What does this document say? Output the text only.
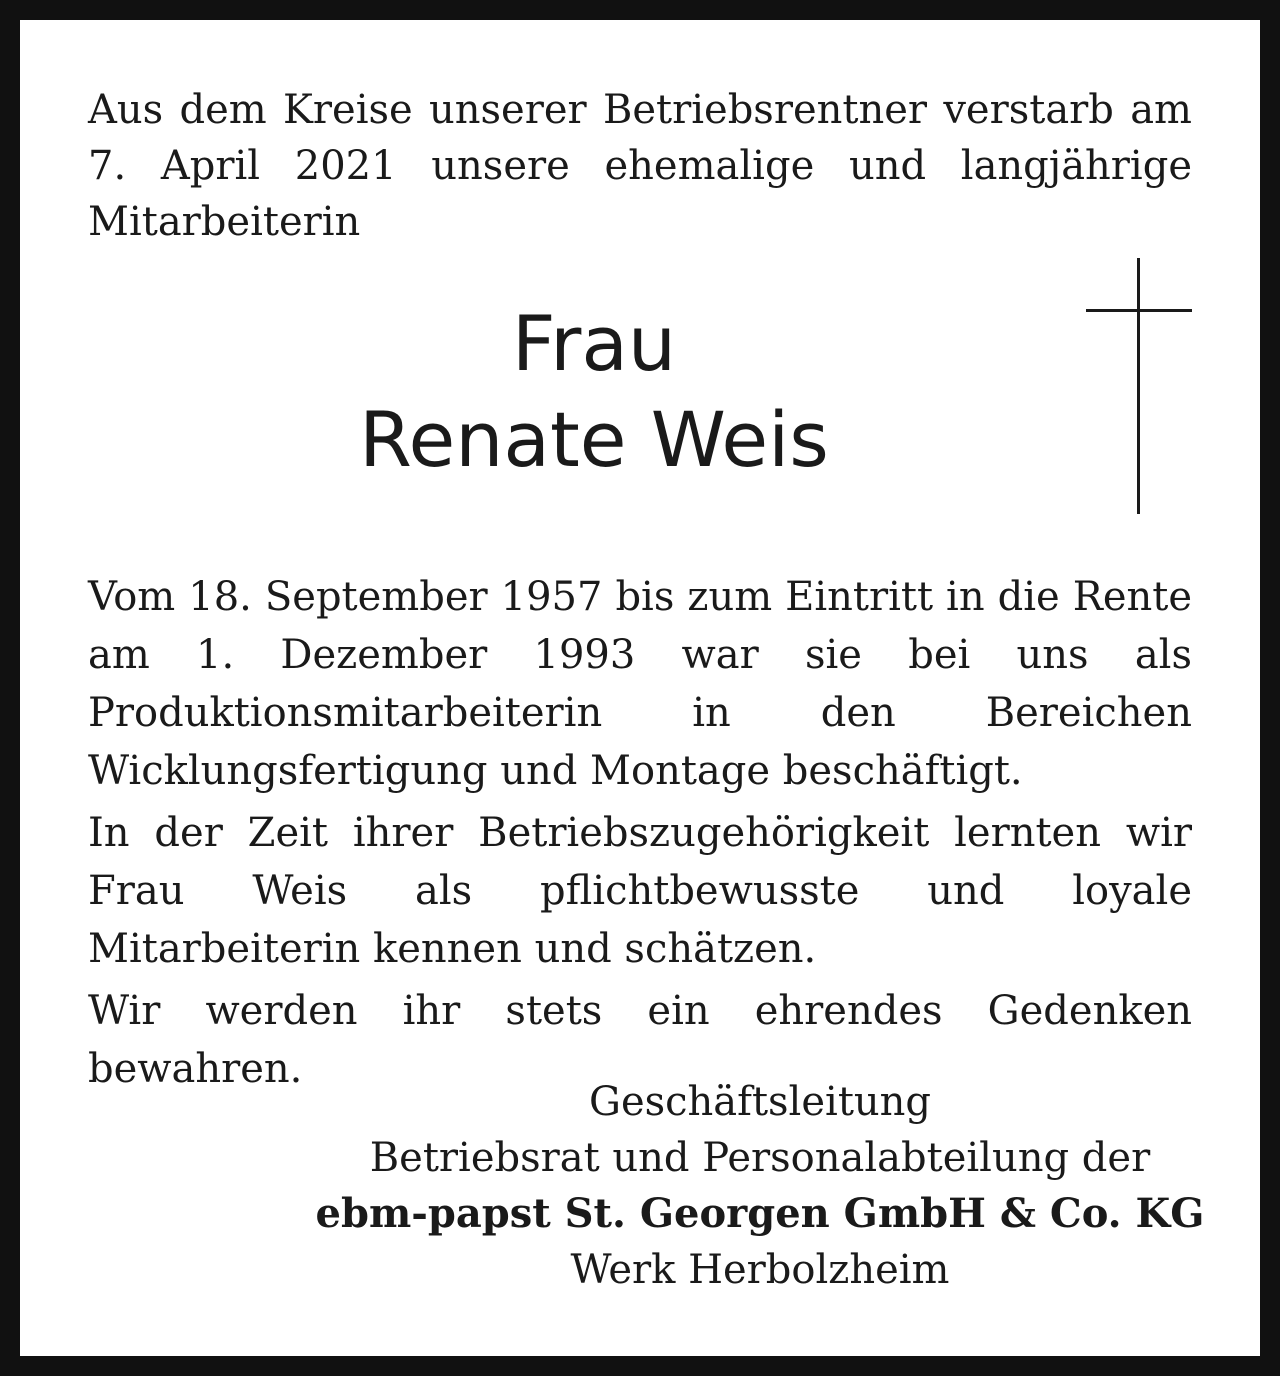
Aus dem Kreise unserer Betriebsrentner verstarb am 7. April 2021 unsere ehemalige und langjährige Mitarbeiterin

Frau
Renate Weis

Vom 18. September 1957 bis zum Eintritt in die Rente am 1. Dezember 1993 war sie bei uns als Produktionsmitarbeiterin in den Bereichen Wicklungsfertigung und Montage beschäftigt.

In der Zeit ihrer Betriebszugehörigkeit lernten wir Frau Weis als pflichtbewusste und loyale Mitarbeiterin kennen und schätzen.

Wir werden ihr stets ein ehrendes Gedenken bewahren.

Geschäftsleitung
Betriebsrat und Personalabteilung der
ebm-papst St. Georgen GmbH & Co. KG
Werk Herbolzheim
